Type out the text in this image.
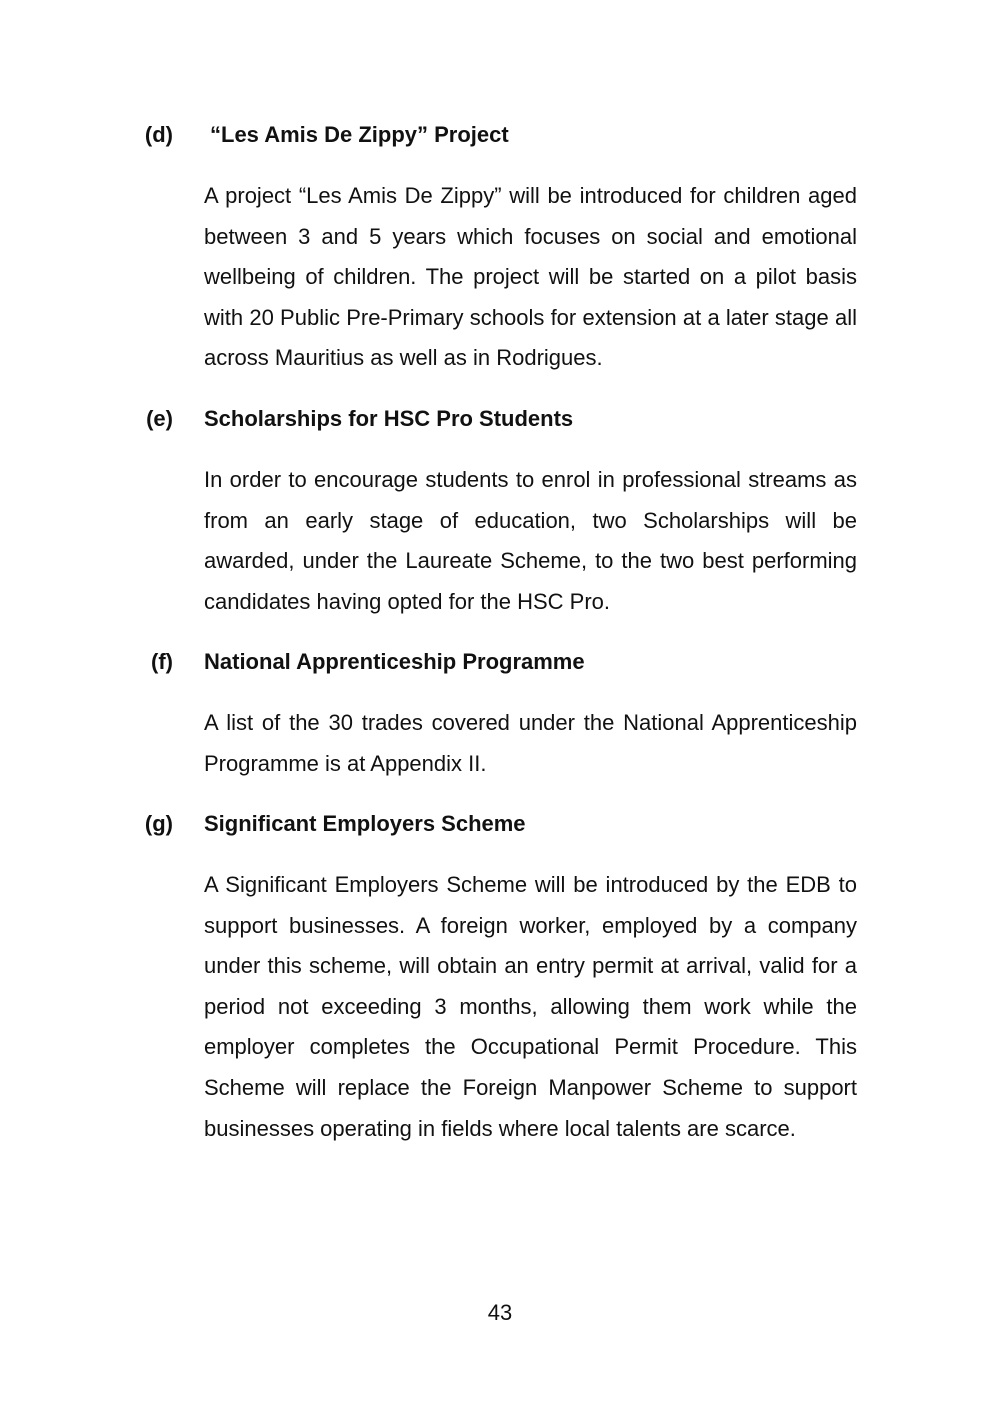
(d) “Les Amis De Zippy” Project

A project “Les Amis De Zippy” will be introduced for children aged between 3 and 5 years which focuses on social and emotional wellbeing of children. The project will be started on a pilot basis with 20 Public Pre-Primary schools for extension at a later stage all across Mauritius as well as in Rodrigues.

(e) Scholarships for HSC Pro Students

In order to encourage students to enrol in professional streams as from an early stage of education, two Scholarships will be awarded, under the Laureate Scheme, to the two best performing candidates having opted for the HSC Pro.

(f) National Apprenticeship Programme

A list of the 30 trades covered under the National Apprenticeship Programme is at Appendix II.

(g) Significant Employers Scheme

A Significant Employers Scheme will be introduced by the EDB to support businesses. A foreign worker, employed by a company under this scheme, will obtain an entry permit at arrival, valid for a period not exceeding 3 months, allowing them work while the employer completes the Occupational Permit Procedure. This Scheme will replace the Foreign Manpower Scheme to support businesses operating in fields where local talents are scarce.

43
